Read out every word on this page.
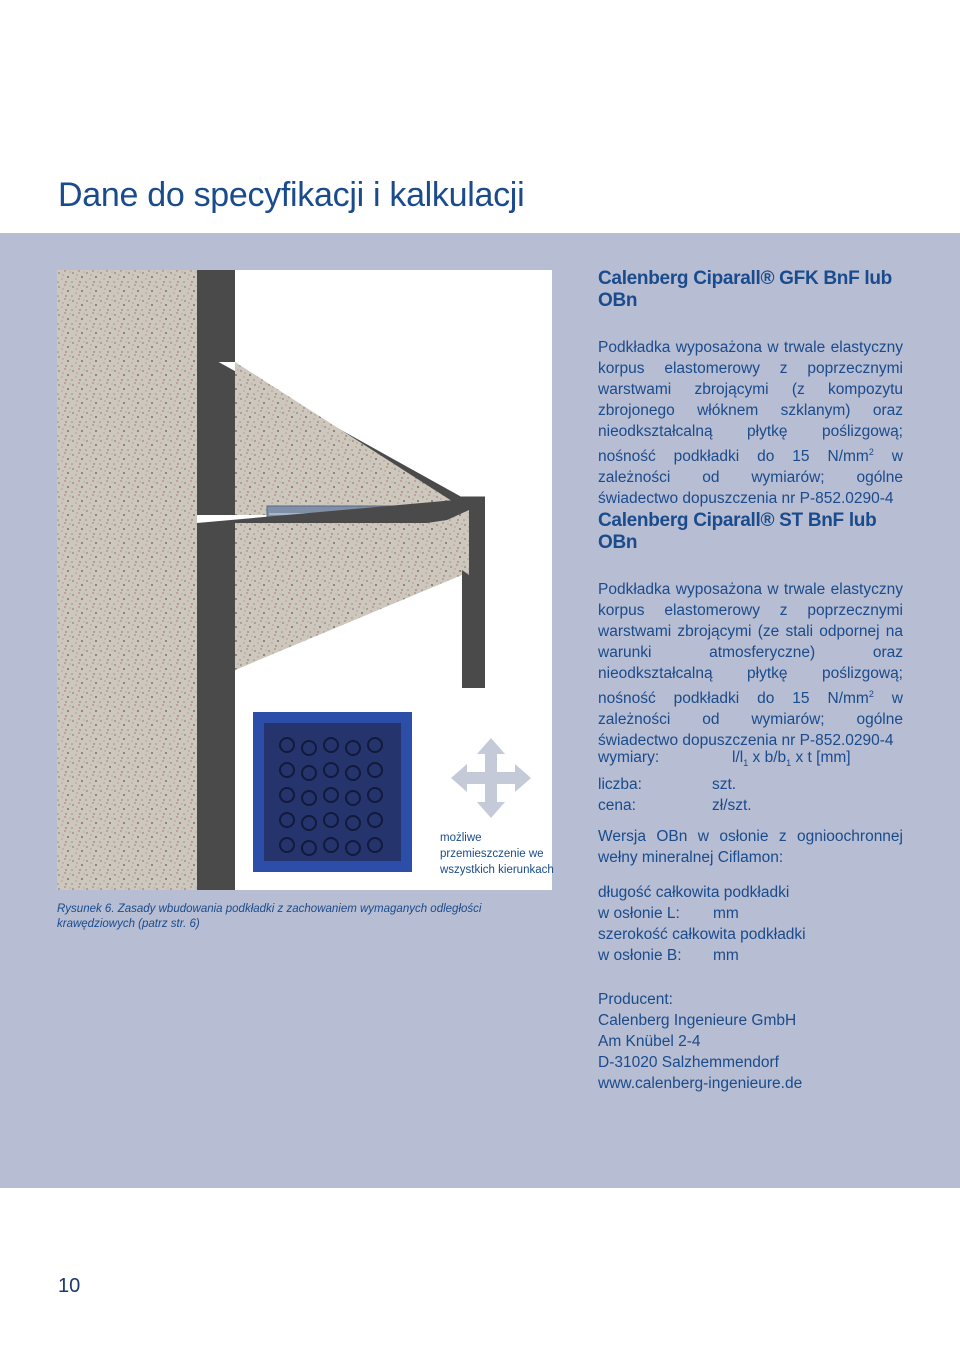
Dane do specyfikacji i kalkulacji

możliwe przemieszczenie we wszystkich kierunkach

Rysunek 6. Zasady wbudowania podkładki z zachowaniem wymaganych odległości krawędziowych (patrz str. 6)

Calenberg Ciparall® GFK BnF lub OBn

Podkładka wyposażona w trwale elastyczny korpus elastomerowy z poprzecznymi warstwami zbrojącymi (z kompozytu zbrojonego włóknem szklanym) oraz nieodkształcalną płytkę poślizgową; nośność podkładki do 15 $N/mm^2$ w zależności od wymiarów; ogólne świadectwo dopuszczenia nr P-852.0290-4

Calenberg Ciparall® ST BnF lub OBn

Podkładka wyposażona w trwale elastyczny korpus elastomerowy z poprzecznymi warstwami zbrojącymi (ze stali odpornej na warunki atmosferyczne) oraz nieodkształcalną płytkę poślizgową; nośność podkładki do 15 $N/mm^2$ w zależności od wymiarów; ogólne świadectwo dopuszczenia nr P-852.0290-4

wymiary:	$l/l_1$ x $b/b_1$ x t [mm]
liczba:	szt.
cena:	zł/szt.

Wersja OBn w osłonie z ognioochronnej wełny mineralnej Ciflamon:

długość całkowita podkładki
w osłonie L: mm
szerokość całkowita podkładki
w osłonie B: mm
Producent:
Calenberg Ingenieure GmbH
Am Knübel 2-4
D-31020 Salzhemmendorf
www.calenberg-ingenieure.de
10
